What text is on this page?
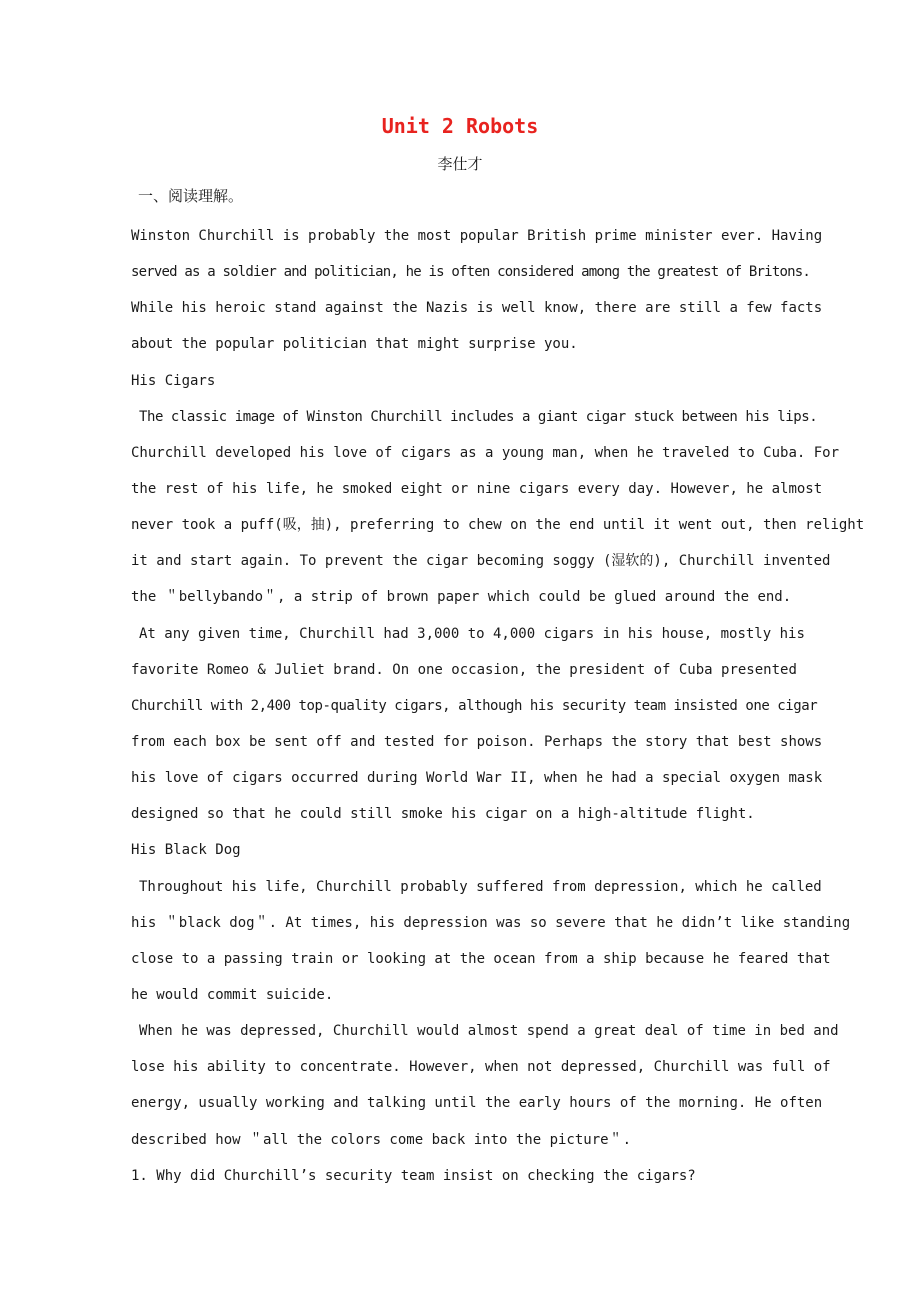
Unit 2 Robots
李仕才
一、阅读理解。
Winston Churchill is probably the most popular British prime minister ever. Having
served as a soldier and politician, he is often considered among the greatest of Britons.
While his heroic stand against the Nazis is well know, there are still a few facts
about the popular politician that might surprise you.
His Cigars
The classic image of Winston Churchill includes a giant cigar stuck between his lips.
Churchill developed his love of cigars as a young man, when he traveled to Cuba. For
the rest of his life, he smoked eight or nine cigars every day. However, he almost
never took a puff(吸，抽), preferring to chew on the end until it went out, then relight
it and start again. To prevent the cigar becoming soggy (湿软的), Churchill invented
the ＂bellybando＂, a strip of brown paper which could be glued around the end.
At any given time, Churchill had 3,000 to 4,000 cigars in his house, mostly his
favorite Romeo & Juliet brand. On one occasion, the president of Cuba presented
Churchill with 2,400 top-quality cigars, although his security team insisted one cigar
from each box be sent off and tested for poison. Perhaps the story that best shows
his love of cigars occurred during World War II, when he had a special oxygen mask
designed so that he could still smoke his cigar on a high-altitude flight.
His Black Dog
Throughout his life, Churchill probably suffered from depression, which he called
his ＂black dog＂. At times, his depression was so severe that he didn’t like standing
close to a passing train or looking at the ocean from a ship because he feared that
he would commit suicide.
When he was depressed, Churchill would almost spend a great deal of time in bed and
lose his ability to concentrate. However, when not depressed, Churchill was full of
energy, usually working and talking until the early hours of the morning. He often
described how ＂all the colors come back into the picture＂.
1. Why did Churchill’s security team insist on checking the cigars?
